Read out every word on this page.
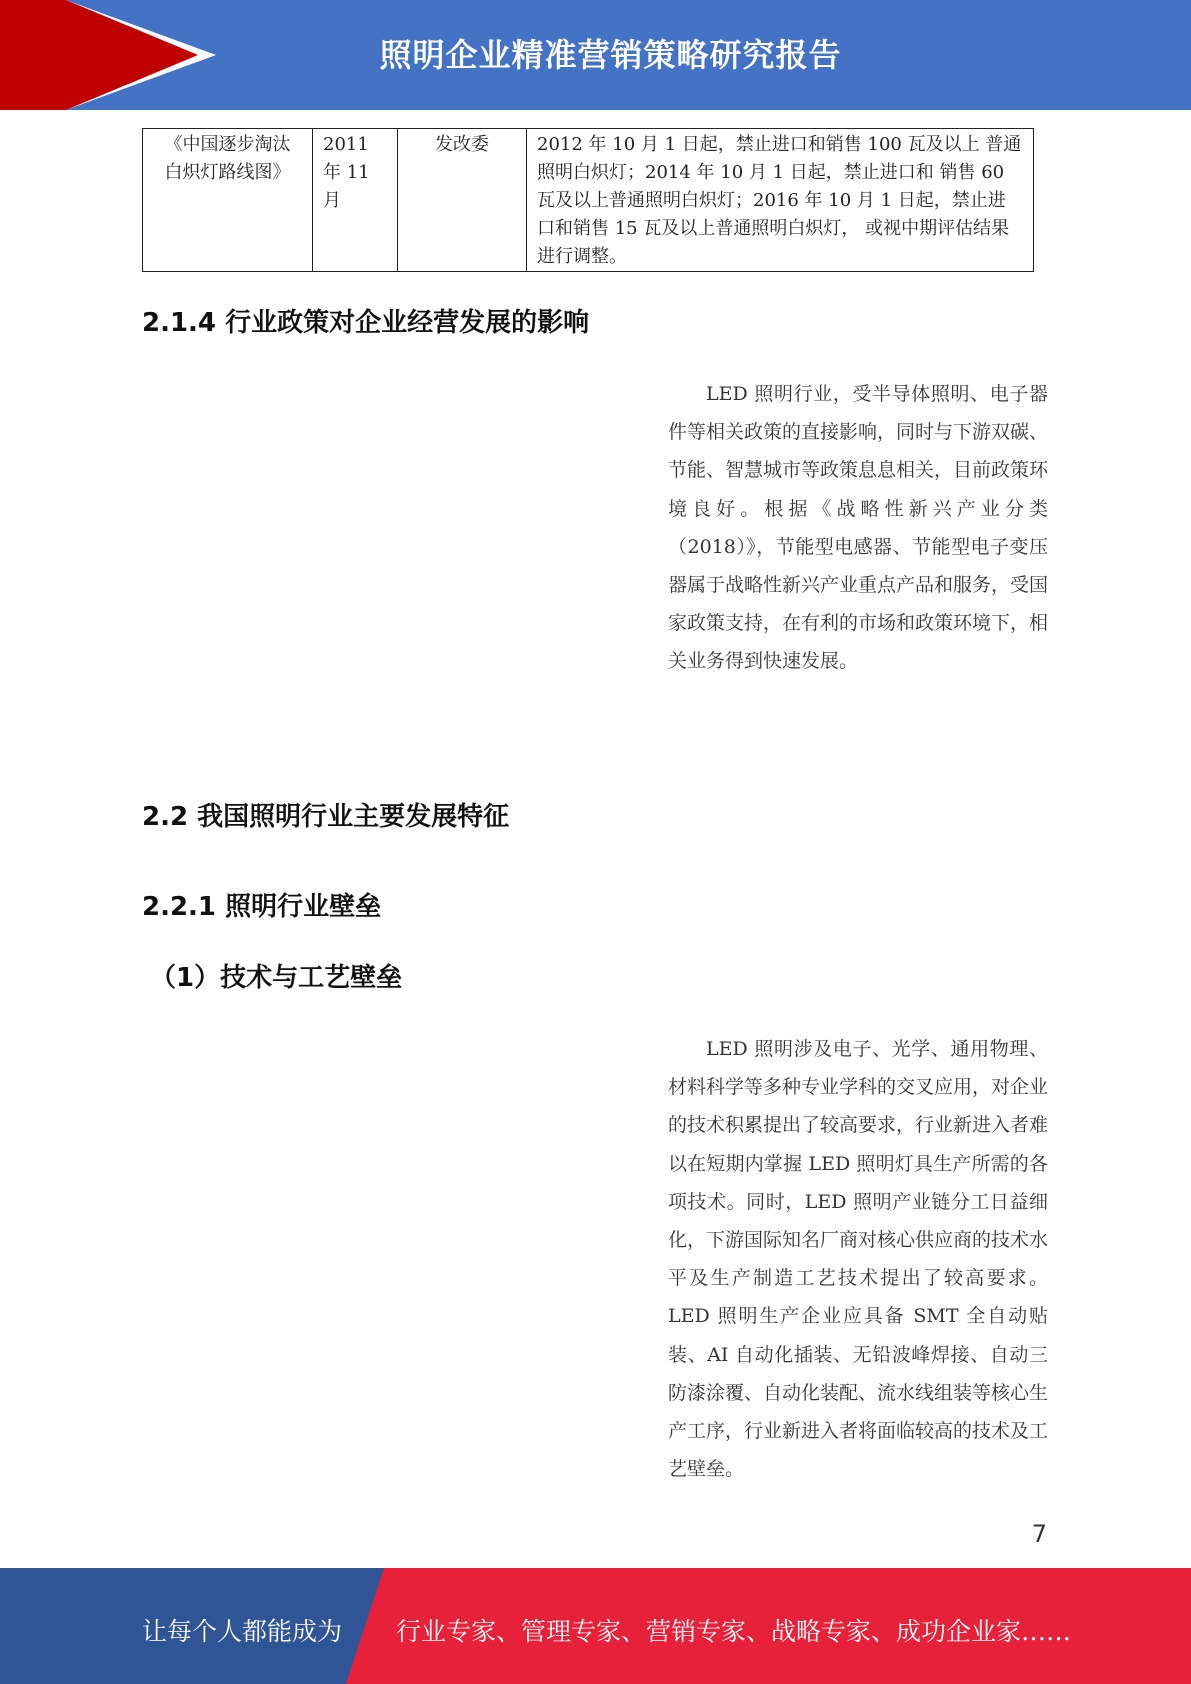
照明企业精准营销策略研究报告
《中国逐步淘汰 白炽灯路线图》	2011 年 11 月	发改委	2012 年 10 月 1 日起，禁止进口和销售 100 瓦及以上 普通照明白炽灯；2014 年 10 月 1 日起，禁止进口和 销售 60 瓦及以上普通照明白炽灯；2016 年 10 月 1 日起，禁止进口和销售 15 瓦及以上普通照明白炽灯， 或视中期评估结果进行调整。
2.1.4 行业政策对企业经营发展的影响
LED 照明行业，受半导体照明、电子器件等相关政策的直接影响，同时与下游双碳、节能、智慧城市等政策息息相关，目前政策环境良好。根据《战略性新兴产业分类（2018）》，节能型电感器、节能型电子变压器属于战略性新兴产业重点产品和服务，受国家政策支持，在有利的市场和政策环境下，相关业务得到快速发展。
2.2 我国照明行业主要发展特征
2.2.1 照明行业壁垒
（1）技术与工艺壁垒
LED 照明涉及电子、光学、通用物理、材料科学等多种专业学科的交叉应用，对企业的技术积累提出了较高要求，行业新进入者难以在短期内掌握 LED 照明灯具生产所需的各项技术。同时，LED 照明产业链分工日益细化，下游国际知名厂商对核心供应商的技术水平及生产制造工艺技术提出了较高要求。LED 照明生产企业应具备 SMT 全自动贴装、AI 自动化插装、无铅波峰焊接、自动三防漆涂覆、自动化装配、流水线组装等核心生产工序，行业新进入者将面临较高的技术及工艺壁垒。
7
让每个人都能成为 行业专家、管理专家、营销专家、战略专家、成功企业家……
